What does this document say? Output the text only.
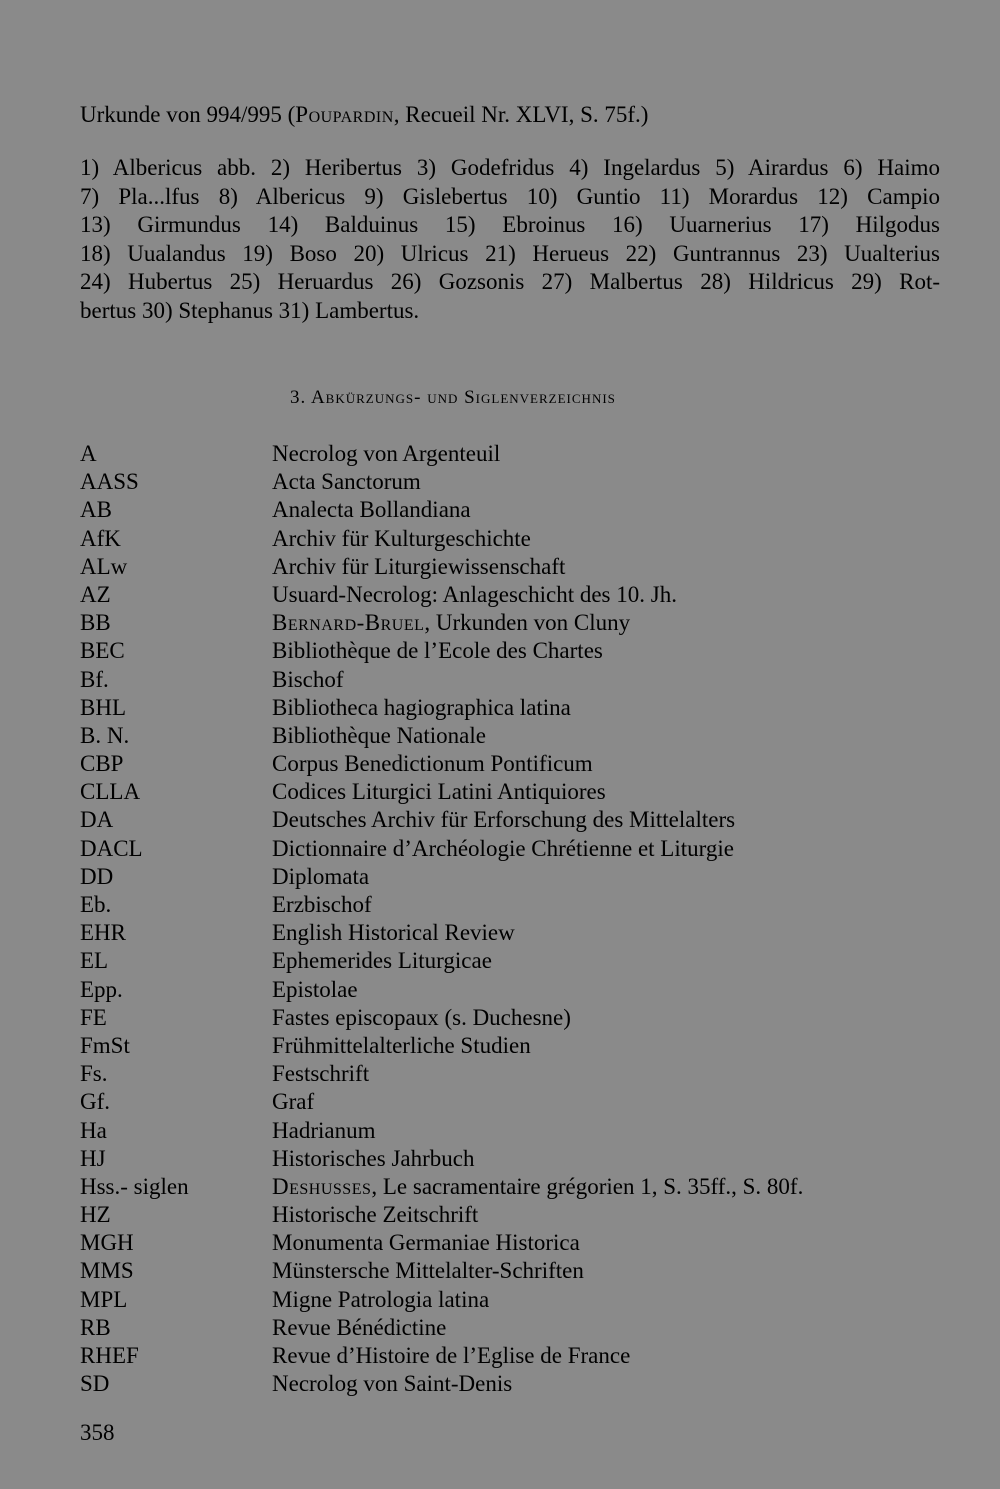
Urkunde von 994/995 (Poupardin, Recueil Nr. XLVI, S. 75f.)
1) Albericus abb. 2) Heribertus 3) Godefridus 4) Ingelardus 5) Airardus 6) Haimo
7) Pla...lfus 8) Albericus 9) Gislebertus 10) Guntio 11) Morardus 12) Campio
13) Girmundus 14) Balduinus 15) Ebroinus 16) Uuarnerius 17) Hilgodus
18) Uualandus 19) Boso 20) Ulricus 21) Herueus 22) Guntrannus 23) Uualterius
24) Hubertus 25) Heruardus 26) Gozsonis 27) Malbertus 28) Hildricus 29) Rot-
bertus 30) Stephanus 31) Lambertus.
3. Abkürzungs- und Siglenverzeichnis
A	Necrolog von Argenteuil
AASS	Acta Sanctorum
AB	Analecta Bollandiana
AfK	Archiv für Kulturgeschichte
ALw	Archiv für Liturgiewissenschaft
AZ	Usuard-Necrolog: Anlageschicht des 10. Jh.
BB	Bernard-Bruel, Urkunden von Cluny
BEC	Bibliothèque de l’Ecole des Chartes
Bf.	Bischof
BHL	Bibliotheca hagiographica latina
B. N.	Bibliothèque Nationale
CBP	Corpus Benedictionum Pontificum
CLLA	Codices Liturgici Latini Antiquiores
DA	Deutsches Archiv für Erforschung des Mittelalters
DACL	Dictionnaire d’Archéologie Chrétienne et Liturgie
DD	Diplomata
Eb.	Erzbischof
EHR	English Historical Review
EL	Ephemerides Liturgicae
Epp.	Epistolae
FE	Fastes episcopaux (s. Duchesne)
FmSt	Frühmittelalterliche Studien
Fs.	Festschrift
Gf.	Graf
Ha	Hadrianum
HJ	Historisches Jahrbuch
Hss.- siglen	Deshusses, Le sacramentaire grégorien 1, S. 35ff., S. 80f.
HZ	Historische Zeitschrift
MGH	Monumenta Germaniae Historica
MMS	Münstersche Mittelalter-Schriften
MPL	Migne Patrologia latina
RB	Revue Bénédictine
RHEF	Revue d’Histoire de l’Eglise de France
SD	Necrolog von Saint-Denis
358
